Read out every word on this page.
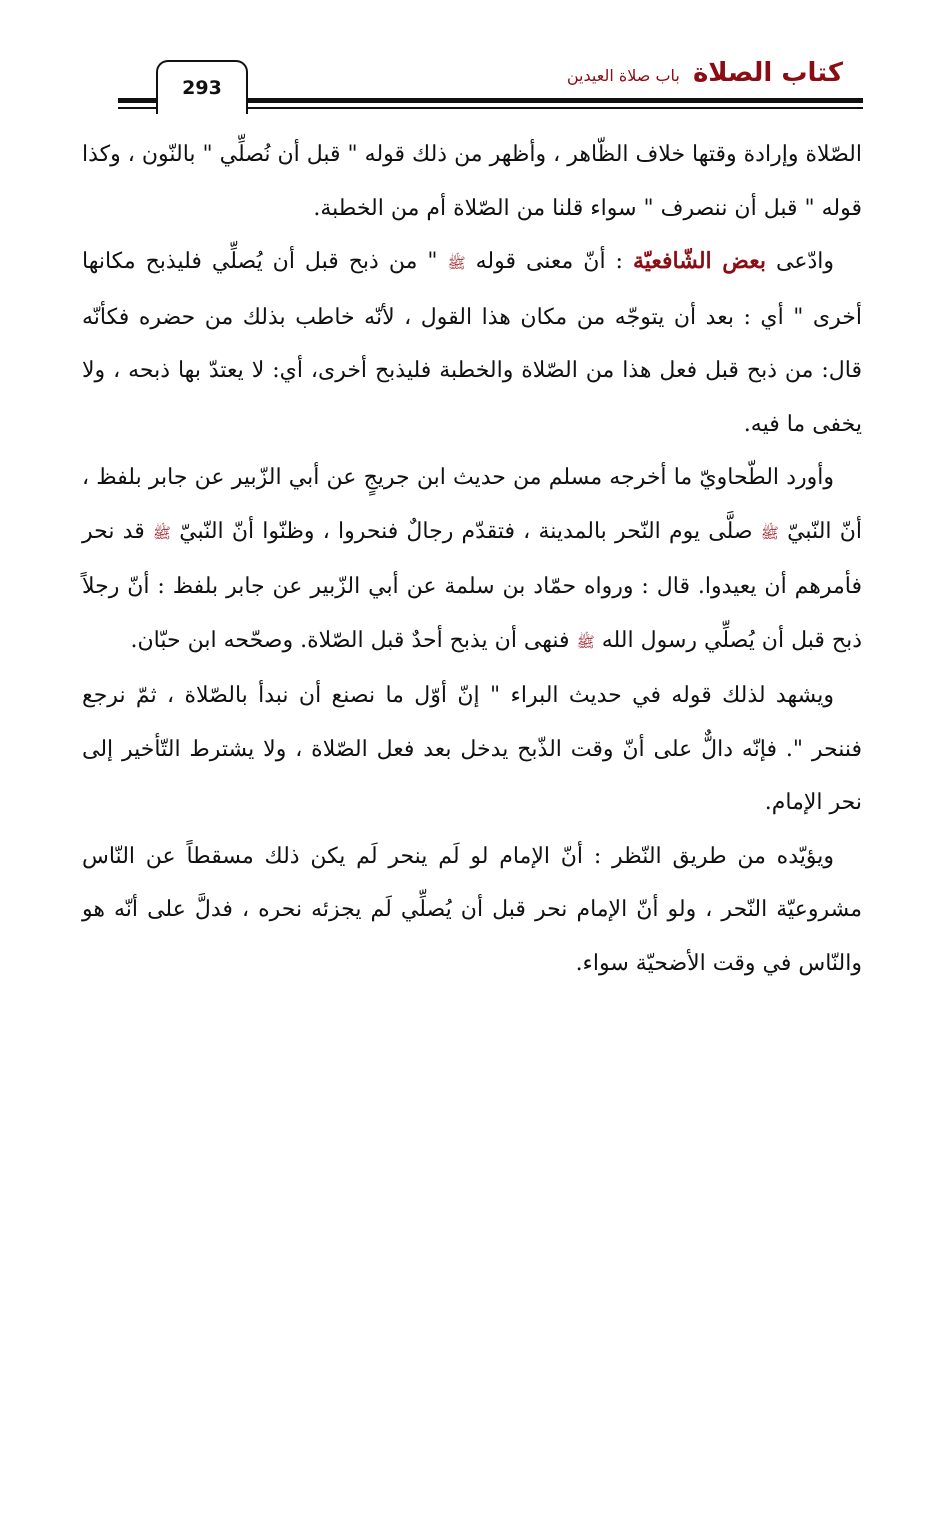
293	كتاب الصلاة باب صلاة العيدين

الصّلاة وإرادة وقتها خلاف الظّاهر ، وأظهر من ذلك قوله " قبل أن نُصلِّي " بالنّون ، وكذا قوله " قبل أن ننصرف " سواء قلنا من الصّلاة أم من الخطبة.

وادّعى بعض الشّافعيّة : أنّ معنى قوله ﷺ " من ذبح قبل أن يُصلِّي فليذبح مكانها أخرى " أي : بعد أن يتوجّه من مكان هذا القول ، لأنّه خاطب بذلك من حضره فكأنّه قال: من ذبح قبل فعل هذا من الصّلاة والخطبة فليذبح أخرى، أي: لا يعتدّ بها ذبحه ، ولا يخفى ما فيه.

وأورد الطّحاويّ ما أخرجه مسلم من حديث ابن جريجٍ عن أبي الزّبير عن جابر بلفظ ، أنّ النّبيّ ﷺ صلَّى يوم النّحر بالمدينة ، فتقدّم رجالٌ فنحروا ، وظنّوا أنّ النّبيّ ﷺ قد نحر فأمرهم أن يعيدوا. قال : ورواه حمّاد بن سلمة عن أبي الزّبير عن جابر بلفظ : أنّ رجلاً ذبح قبل أن يُصلِّي رسول الله ﷺ فنهى أن يذبح أحدٌ قبل الصّلاة. وصحّحه ابن حبّان.

ويشهد لذلك قوله في حديث البراء " إنّ أوّل ما نصنع أن نبدأ بالصّلاة ، ثمّ نرجع فننحر ". فإنّه دالٌّ على أنّ وقت الذّبح يدخل بعد فعل الصّلاة ، ولا يشترط التّأخير إلى نحر الإمام.

ويؤيّده من طريق النّظر : أنّ الإمام لو لَم ينحر لَم يكن ذلك مسقطاً عن النّاس مشروعيّة النّحر ، ولو أنّ الإمام نحر قبل أن يُصلِّي لَم يجزئه نحره ، فدلَّ على أنّه هو والنّاس في وقت الأضحيّة سواء.
